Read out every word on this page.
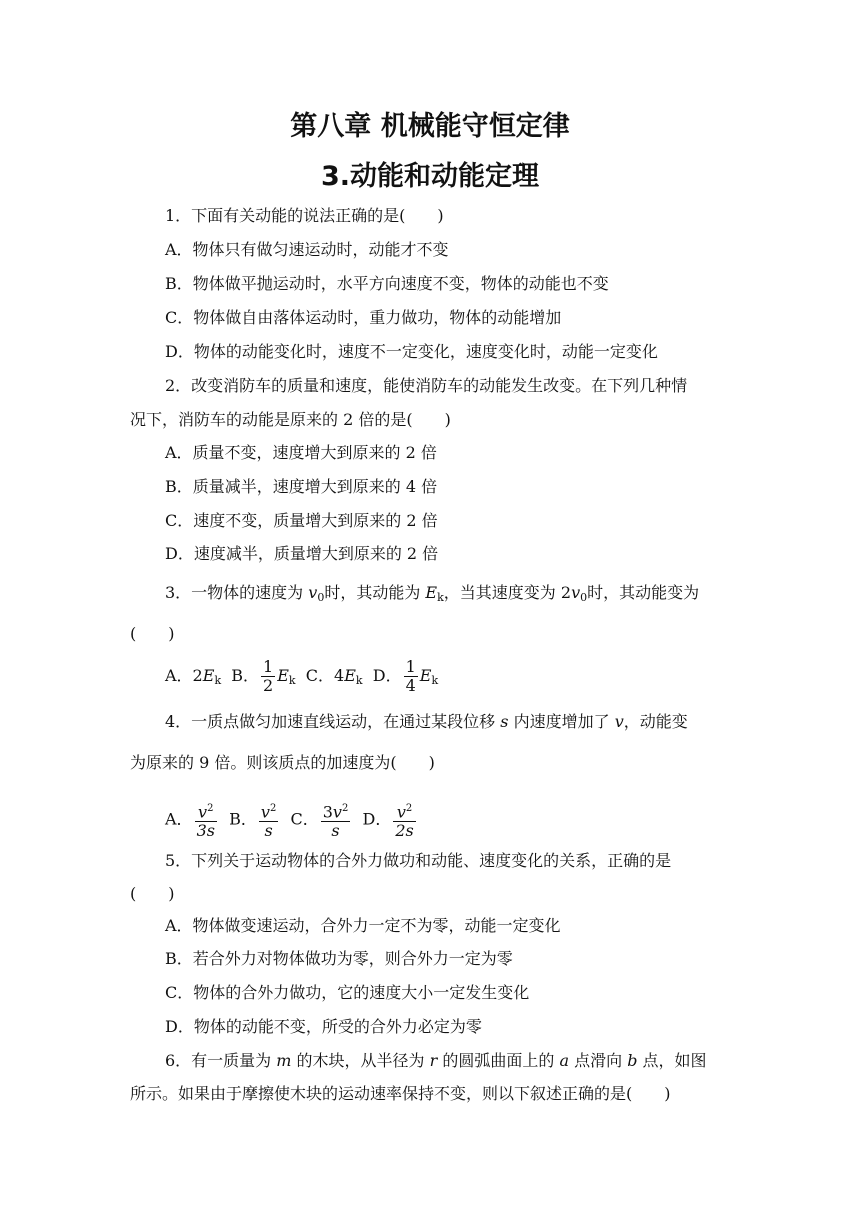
第八章 机械能守恒定律
3.动能和动能定理
1．下面有关动能的说法正确的是(　　)
A．物体只有做匀速运动时，动能才不变
B．物体做平抛运动时，水平方向速度不变，物体的动能也不变
C．物体做自由落体运动时，重力做功，物体的动能增加
D．物体的动能变化时，速度不一定变化，速度变化时，动能一定变化
2．改变消防车的质量和速度，能使消防车的动能发生改变。在下列几种情
况下，消防车的动能是原来的 2 倍的是(　　)
A．质量不变，速度增大到原来的 2 倍
B．质量减半，速度增大到原来的 4 倍
C．速度不变，质量增大到原来的 2 倍
D．速度减半，质量增大到原来的 2 倍
3．一物体的速度为 $v_0$时，其动能为 $E_k$，当其速度变为 $2v_0$时，其动能变为
(　　)
A．$2E_k$ B． $\frac{1}{2} E_k$ C．$4E_k$ D． $\frac{1}{4} E_k$
4．一质点做匀加速直线运动，在通过某段位移 s 内速度增加了 v，动能变
为原来的 9 倍。则该质点的加速度为(　　)
A． $\frac{v^2}{3s}$ B． $\frac{v^2}{s}$ C． $\frac{3v^2}{s}$ D． $\frac{v^2}{2s}$
5．下列关于运动物体的合外力做功和动能、速度变化的关系，正确的是
(　　)
A．物体做变速运动，合外力一定不为零，动能一定变化
B．若合外力对物体做功为零，则合外力一定为零
C．物体的合外力做功，它的速度大小一定发生变化
D．物体的动能不变，所受的合外力必定为零
6．有一质量为 m 的木块，从半径为 r 的圆弧曲面上的 a 点滑向 b 点，如图
所示。如果由于摩擦使木块的运动速率保持不变，则以下叙述正确的是(　　)
